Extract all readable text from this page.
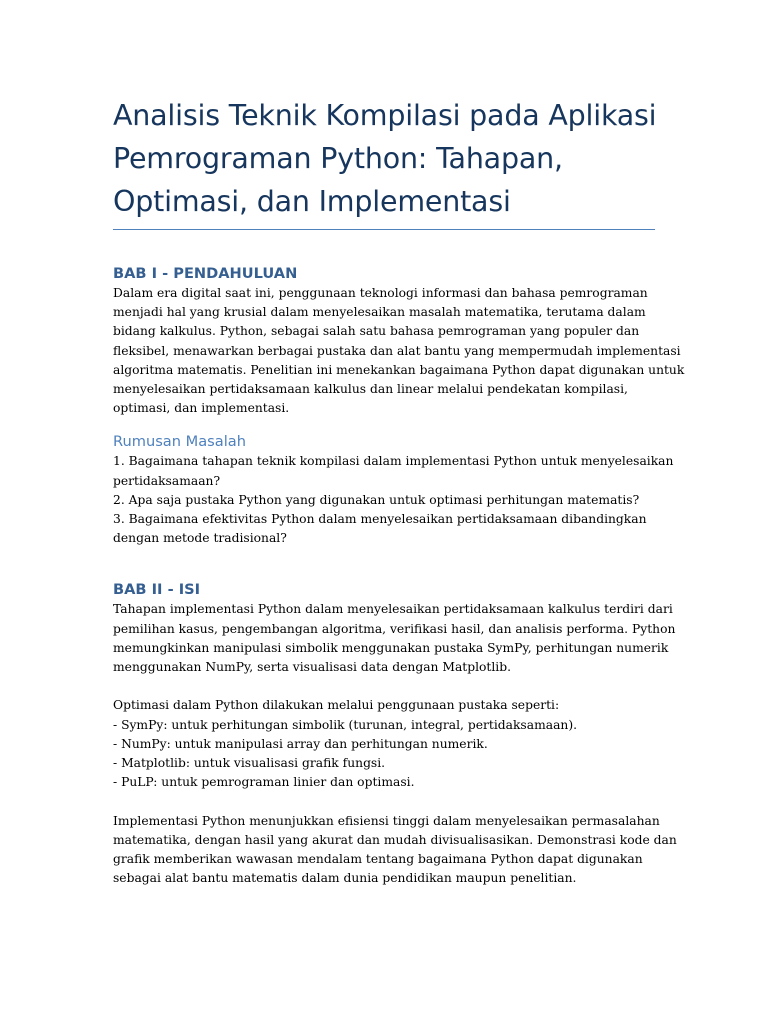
Analisis Teknik Kompilasi pada Aplikasi
Pemrograman Python: Tahapan,
Optimasi, dan Implementasi
BAB I - PENDAHULUAN

Dalam era digital saat ini, penggunaan teknologi informasi dan bahasa pemrograman
menjadi hal yang krusial dalam menyelesaikan masalah matematika, terutama dalam
bidang kalkulus. Python, sebagai salah satu bahasa pemrograman yang populer dan
fleksibel, menawarkan berbagai pustaka dan alat bantu yang mempermudah implementasi
algoritma matematis. Penelitian ini menekankan bagaimana Python dapat digunakan untuk
menyelesaikan pertidaksamaan kalkulus dan linear melalui pendekatan kompilasi,
optimasi, dan implementasi.

Rumusan Masalah

1. Bagaimana tahapan teknik kompilasi dalam implementasi Python untuk menyelesaikan
pertidaksamaan?
2. Apa saja pustaka Python yang digunakan untuk optimasi perhitungan matematis?
3. Bagaimana efektivitas Python dalam menyelesaikan pertidaksamaan dibandingkan
dengan metode tradisional?

BAB II - ISI

Tahapan implementasi Python dalam menyelesaikan pertidaksamaan kalkulus terdiri dari
pemilihan kasus, pengembangan algoritma, verifikasi hasil, dan analisis performa. Python
memungkinkan manipulasi simbolik menggunakan pustaka SymPy, perhitungan numerik
menggunakan NumPy, serta visualisasi data dengan Matplotlib.
Optimasi dalam Python dilakukan melalui penggunaan pustaka seperti:
- SymPy: untuk perhitungan simbolik (turunan, integral, pertidaksamaan).
- NumPy: untuk manipulasi array dan perhitungan numerik.
- Matplotlib: untuk visualisasi grafik fungsi.
- PuLP: untuk pemrograman linier dan optimasi.
Implementasi Python menunjukkan efisiensi tinggi dalam menyelesaikan permasalahan
matematika, dengan hasil yang akurat dan mudah divisualisasikan. Demonstrasi kode dan
grafik memberikan wawasan mendalam tentang bagaimana Python dapat digunakan
sebagai alat bantu matematis dalam dunia pendidikan maupun penelitian.
